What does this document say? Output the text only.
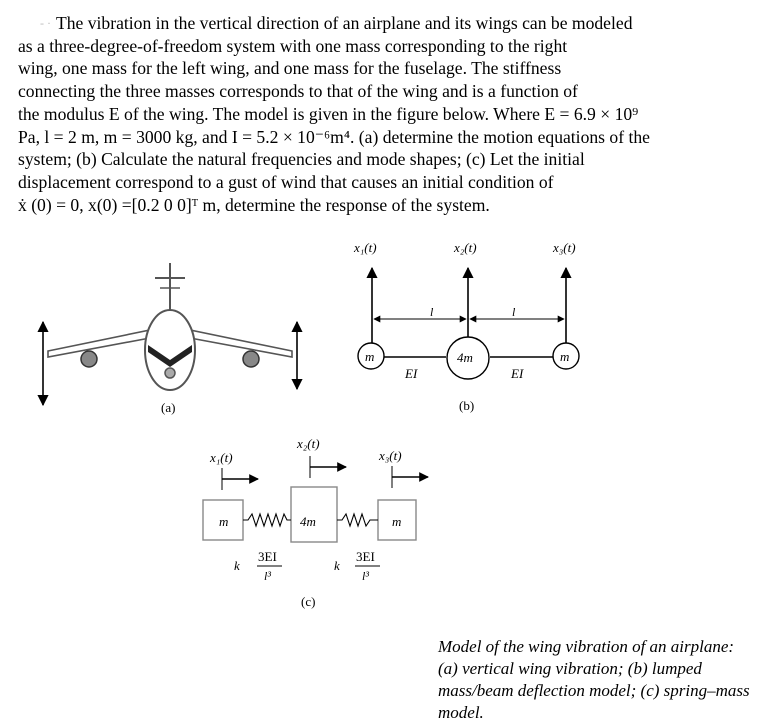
- · The vibration in the vertical direction of an airplane and its wings can be modeled
as a three-degree-of-freedom system with one mass corresponding to the right
wing, one mass for the left wing, and one mass for the fuselage. The stiffness
connecting the three masses corresponds to that of the wing and is a function of
the modulus E of the wing. The model is given in the figure below. Where E = 6.9 × 10⁹
Pa, l = 2 m, m = 3000 kg, and I = 5.2 × 10⁻⁶m⁴. (a) determine the motion equations of the
system; (b) Calculate the natural frequencies and mode shapes; (c) Let the initial
displacement correspond to a gust of wind that causes an initial condition of
ẋ (0) = 0, x(0) =[0.2 0 0]ᵀ m, determine the response of the system.
(a)
x₁(t)	x₂(t)	x₃(t)
l	l
m	4m	m
EI	EI
(b)
x₁(t)
x₂(t)
x₃(t)
m	4m	m
k
3EI
l³
k
3EI
l³
(c)
Model of the wing vibration of an airplane: (a) vertical wing vibration; (b) lumped mass/beam deflection model; (c) spring–mass model.
